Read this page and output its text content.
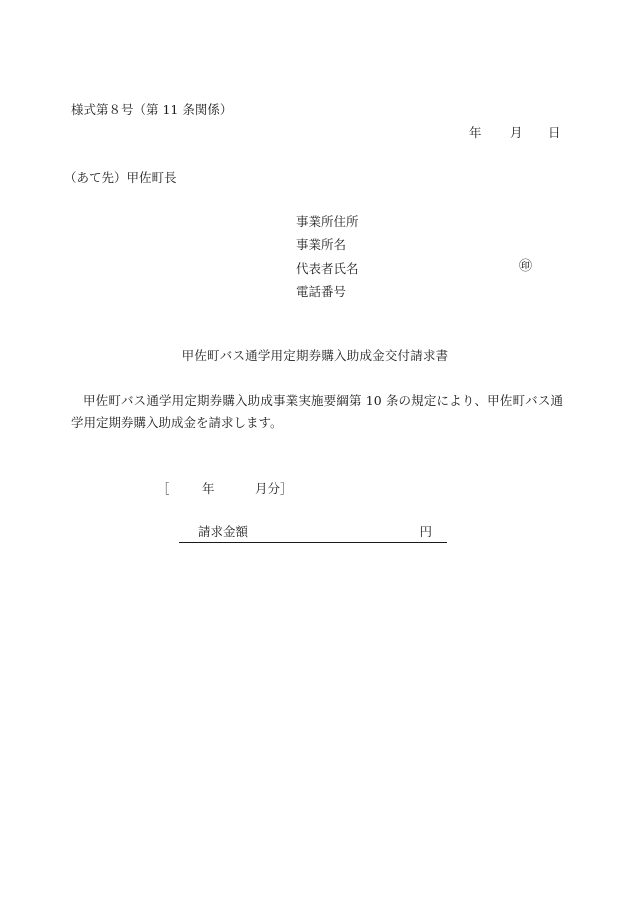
様式第８号（第 11 条関係）
年 月 日
（あて先）甲佐町長
事業所住所
事業所名
代表者氏名	㊞
電話番号
甲佐町バス通学用定期券購入助成金交付請求書
甲佐町バス通学用定期券購入助成事業実施要綱第 10 条の規定により、甲佐町バス通学用定期券購入助成金を請求します。
［	年	月分］
請求金額	円
